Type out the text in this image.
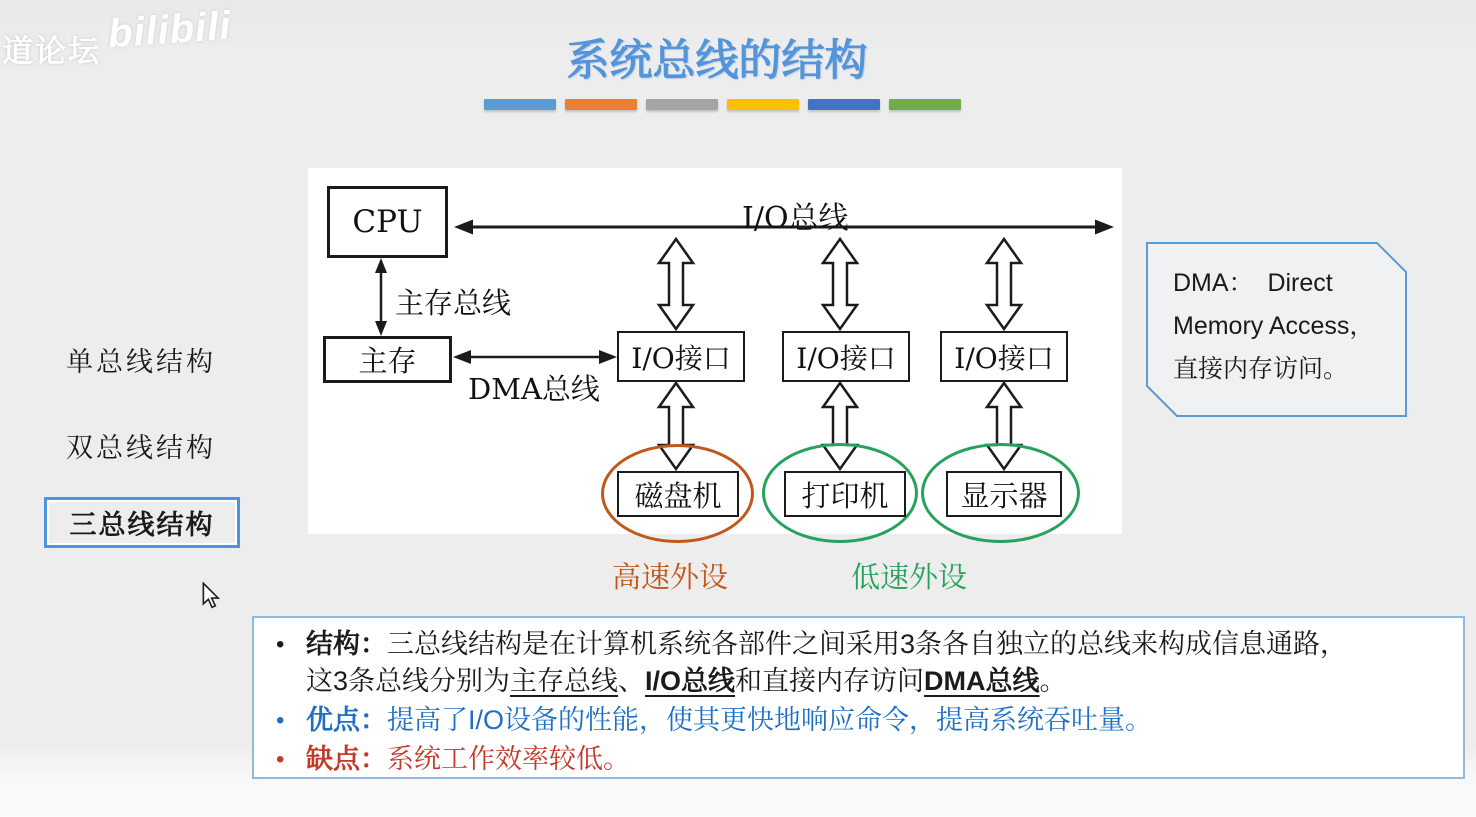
道论坛 bilibili
系统总线的结构
CPU
主存	I/O接口	I/O接口	I/O接口
磁盘机	打印机	显示器
I/O总线
主存总线
DMA总线
高速外设	低速外设
DMA：  Direct
Memory Access，
直接内存访问。
单总线结构
双总线结构
三总线结构
• 结构：三总线结构是在计算机系统各部件之间采用3条各自独立的总线来构成信息通路，这3条总线分别为主存总线、I/O总线和直接内存访问DMA总线。

• 优点：提高了I/O设备的性能，使其更快地响应命令，提高系统吞吐量。

• 缺点：系统工作效率较低。
